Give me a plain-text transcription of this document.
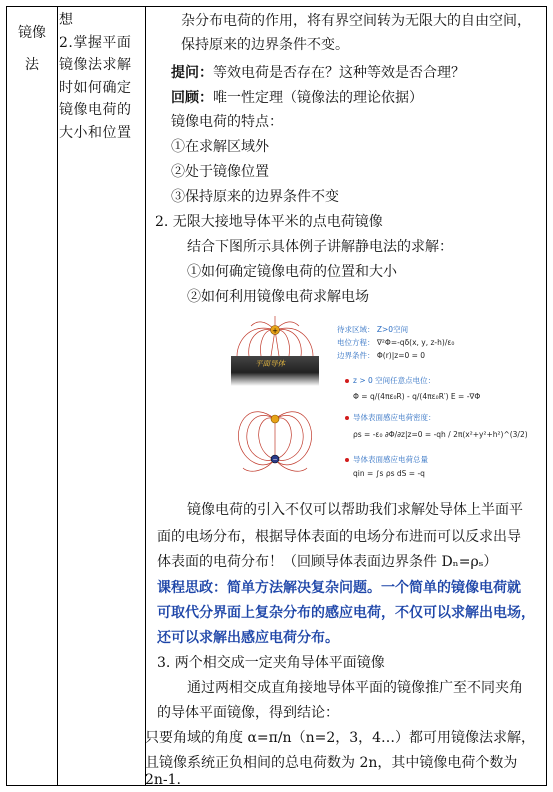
镜像
法
想
2.掌握平面
镜像法求解
时如何确定
镜像电荷的
大小和位置
杂分布电荷的作用，将有界空间转为无限大的自由空间，
保持原来的边界条件不变。
提问：等效电荷是否存在？这种等效是否合理？
回顾：唯一性定理（镜像法的理论依据）
镜像电荷的特点：
①在求解区域外
②处于镜像位置
③保持原来的边界条件不变
2. 无限大接地导体平米的点电荷镜像
结合下图所示具体例子讲解静电法的求解：
①如何确定镜像电荷的位置和大小
②如何利用镜像电荷求解电场
+
−
平面导体
待求区域： Z>0空间
电位方程： ∇²Φ=-qδ(x, y, z-h)/ε₀
边界条件： Φ(r)|z=0 = 0
z > 0 空间任意点电位：
Φ = q/(4πε₀R) - q/(4πε₀R′) E = -∇Φ
导体表面感应电荷密度：
ρs = -ε₀ ∂Φ/∂z|z=0 = -qh / 2π(x²+y²+h²)^(3/2)
导体表面感应电荷总量
qin = ∫s ρs dS = -q
镜像电荷的引入不仅可以帮助我们求解处导体上半面平
面的电场分布，根据导体表面的电场分布进而可以反求出导
体表面的电荷分布！（回顾导体表面边界条件 Dₙ=ρₛ）
课程思政：简单方法解决复杂问题。一个简单的镜像电荷就
可取代分界面上复杂分布的感应电荷，不仅可以求解出电场，
还可以求解出感应电荷分布。
3. 两个相交成一定夹角导体平面镜像
通过两相交成直角接地导体平面的镜像推广至不同夹角
的导体平面镜像，得到结论：
只要角域的角度 α=π/n（n=2，3，4…）都可用镜像法求解，
且镜像系统正负相间的总电荷数为 2n，其中镜像电荷个数为
2n-1.
